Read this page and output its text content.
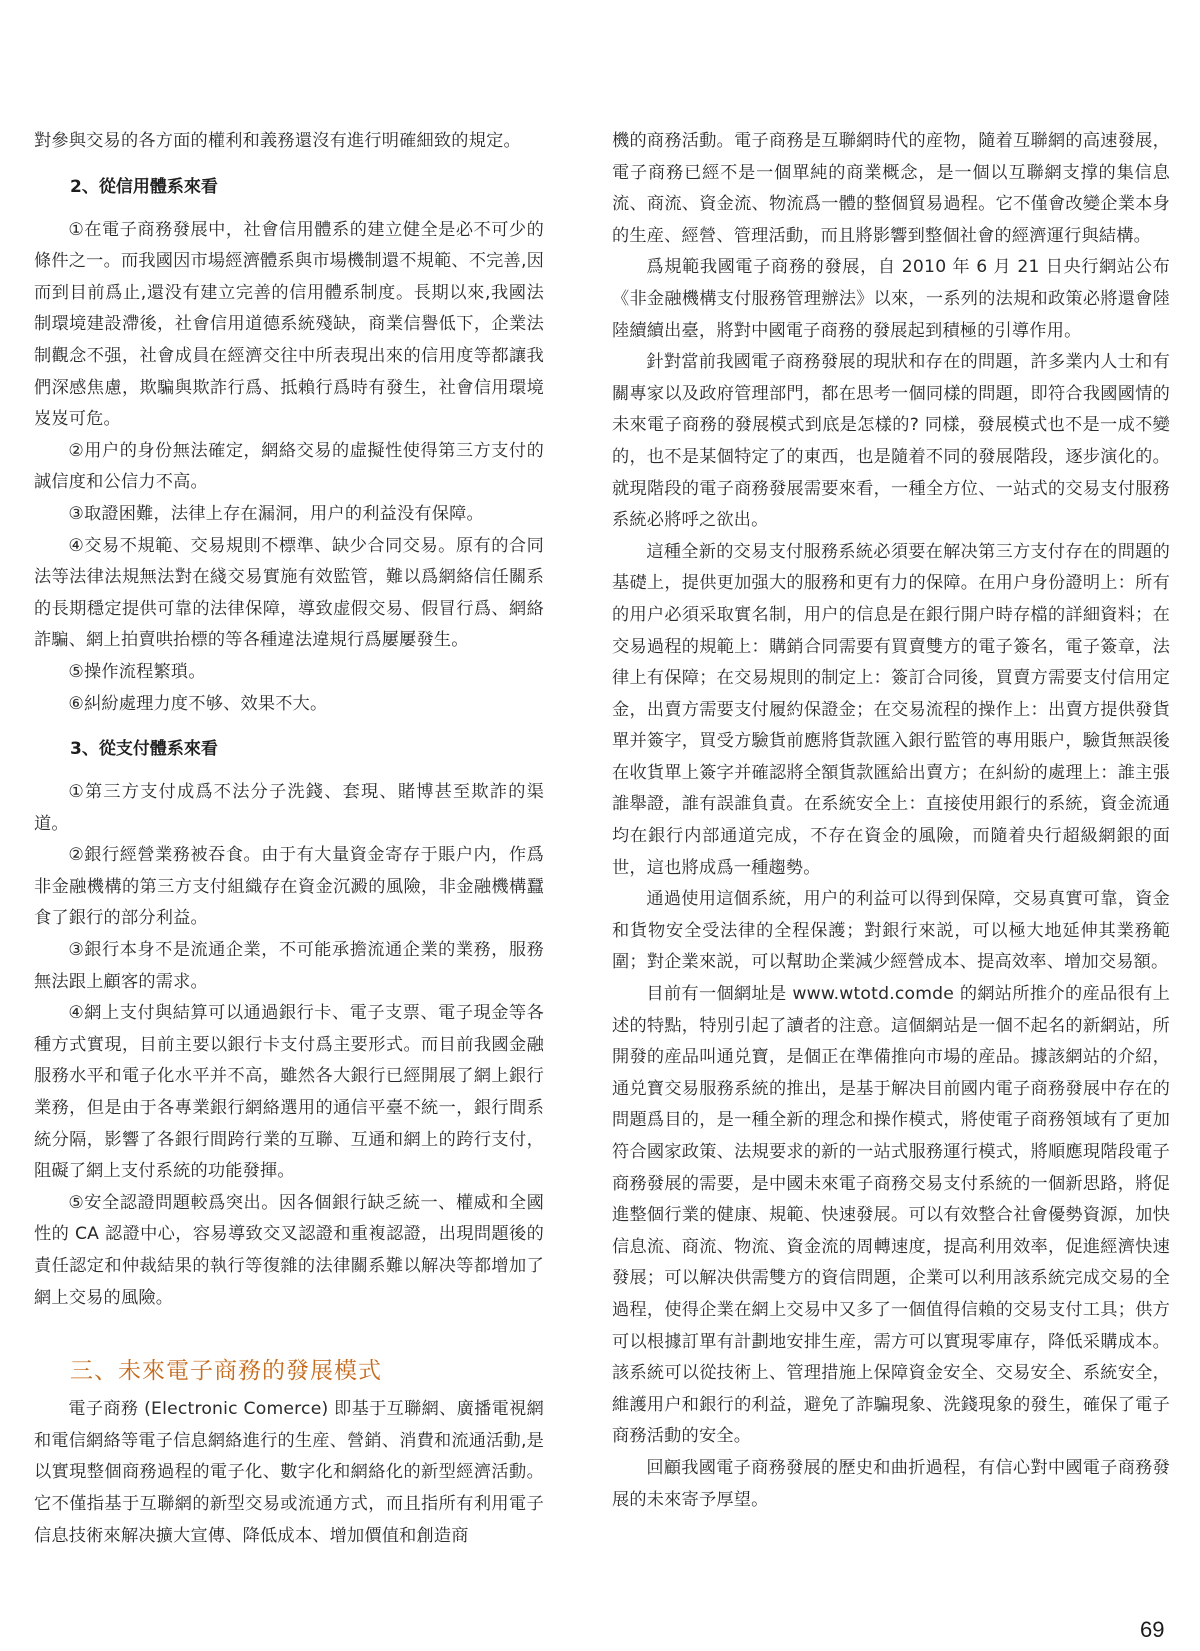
對參與交易的各方面的權利和義務還沒有進行明確細致的規定。

2、從信用體系來看

①在電子商務發展中，社會信用體系的建立健全是必不可少的條件之一。而我國因市場經濟體系與市場機制還不規範、不完善,因而到目前爲止,還没有建立完善的信用體系制度。長期以來,我國法制環境建設滯後，社會信用道德系統殘缺，商業信譽低下，企業法制觀念不强，社會成員在經濟交往中所表現出來的信用度等都讓我們深感焦慮，欺騙與欺詐行爲、抵賴行爲時有發生，社會信用環境岌岌可危。

②用户的身份無法確定，網絡交易的虛擬性使得第三方支付的誠信度和公信力不高。

③取證困難，法律上存在漏洞，用户的利益没有保障。

④交易不規範、交易規則不標準、缺少合同交易。原有的合同法等法律法規無法對在綫交易實施有效監管，難以爲網絡信任關系的長期穩定提供可靠的法律保障，導致虚假交易、假冒行爲、網絡詐騙、網上拍賣哄抬標的等各種違法違規行爲屢屢發生。

⑤操作流程繁瑣。

⑥糾紛處理力度不够、效果不大。

3、從支付體系來看

①第三方支付成爲不法分子洗錢、套現、賭博甚至欺詐的渠道。

②銀行經營業務被吞食。由于有大量資金寄存于賬户内，作爲非金融機構的第三方支付組織存在資金沉澱的風險，非金融機構蠶食了銀行的部分利益。

③銀行本身不是流通企業，不可能承擔流通企業的業務，服務無法跟上顧客的需求。

④網上支付與結算可以通過銀行卡、電子支票、電子現金等各種方式實現，目前主要以銀行卡支付爲主要形式。而目前我國金融服務水平和電子化水平并不高，雖然各大銀行已經開展了網上銀行業務，但是由于各專業銀行網絡選用的通信平臺不統一，銀行間系統分隔，影響了各銀行間跨行業的互聯、互通和網上的跨行支付，阻礙了網上支付系統的功能發揮。

⑤安全認證問題較爲突出。因各個銀行缺乏統一、權威和全國性的 CA 認證中心，容易導致交叉認證和重複認證，出現問題後的責任認定和仲裁結果的執行等復雜的法律關系難以解决等都增加了網上交易的風險。

三、未來電子商務的發展模式

電子商務 (Electronic Comerce) 即基于互聯網、廣播電視網和電信網絡等電子信息網絡進行的生産、營銷、消費和流通活動,是以實現整個商務過程的電子化、數字化和網絡化的新型經濟活動。它不僅指基于互聯網的新型交易或流通方式，而且指所有利用電子信息技術來解决擴大宣傳、降低成本、增加價值和創造商

機的商務活動。電子商務是互聯網時代的産物，隨着互聯網的高速發展，電子商務已經不是一個單純的商業概念，是一個以互聯網支撑的集信息流、商流、資金流、物流爲一體的整個貿易過程。它不僅會改變企業本身的生産、經營、管理活動，而且將影響到整個社會的經濟運行與結構。

爲規範我國電子商務的發展，自 2010 年 6 月 21 日央行網站公布《非金融機構支付服務管理辦法》以來，一系列的法規和政策必將還會陸陸續續出臺，將對中國電子商務的發展起到積極的引導作用。

針對當前我國電子商務發展的現狀和存在的問題，許多業内人士和有關專家以及政府管理部門，都在思考一個同樣的問題，即符合我國國情的未來電子商務的發展模式到底是怎樣的? 同樣，發展模式也不是一成不變的，也不是某個特定了的東西，也是隨着不同的發展階段，逐步演化的。就現階段的電子商務發展需要來看，一種全方位、一站式的交易支付服務系統必將呼之欲出。

這種全新的交易支付服務系統必須要在解决第三方支付存在的問題的基礎上，提供更加强大的服務和更有力的保障。在用户身份證明上：所有的用户必須采取實名制，用户的信息是在銀行開户時存檔的詳細資料；在交易過程的規範上：購銷合同需要有買賣雙方的電子簽名，電子簽章，法律上有保障；在交易規則的制定上：簽訂合同後，買賣方需要支付信用定金，出賣方需要支付履約保證金；在交易流程的操作上：出賣方提供發貨單并簽字，買受方驗貨前應將貨款匯入銀行監管的專用賬户，驗貨無誤後在收貨單上簽字并確認將全額貨款匯給出賣方；在糾紛的處理上：誰主張誰舉證，誰有誤誰負責。在系統安全上：直接使用銀行的系統，資金流通均在銀行内部通道完成，不存在資金的風險，而隨着央行超級網銀的面世，這也將成爲一種趨勢。

通過使用這個系統，用户的利益可以得到保障，交易真實可靠，資金和貨物安全受法律的全程保護；對銀行來説，可以極大地延伸其業務範圍；對企業來説，可以幫助企業減少經營成本、提高效率、增加交易額。

目前有一個網址是 www.wtotd.comde 的網站所推介的産品很有上述的特點，特別引起了讀者的注意。這個網站是一個不起名的新網站，所開發的産品叫通兑寶，是個正在準備推向市場的産品。據該網站的介紹，通兑寶交易服務系統的推出，是基于解决目前國内電子商務發展中存在的問題爲目的，是一種全新的理念和操作模式，將使電子商務領域有了更加符合國家政策、法規要求的新的一站式服務運行模式，將順應現階段電子商務發展的需要，是中國未來電子商務交易支付系統的一個新思路，將促進整個行業的健康、規範、快速發展。可以有效整合社會優勢資源，加快信息流、商流、物流、資金流的周轉速度，提高利用效率，促進經濟快速發展；可以解决供需雙方的資信問題，企業可以利用該系統完成交易的全過程，使得企業在網上交易中又多了一個值得信賴的交易支付工具；供方可以根據訂單有計劃地安排生産，需方可以實現零庫存，降低采購成本。該系統可以從技術上、管理措施上保障資金安全、交易安全、系統安全，維護用户和銀行的利益，避免了詐騙現象、洗錢現象的發生，確保了電子商務活動的安全。

回顧我國電子商務發展的歷史和曲折過程，有信心對中國電子商務發展的未來寄予厚望。

69
